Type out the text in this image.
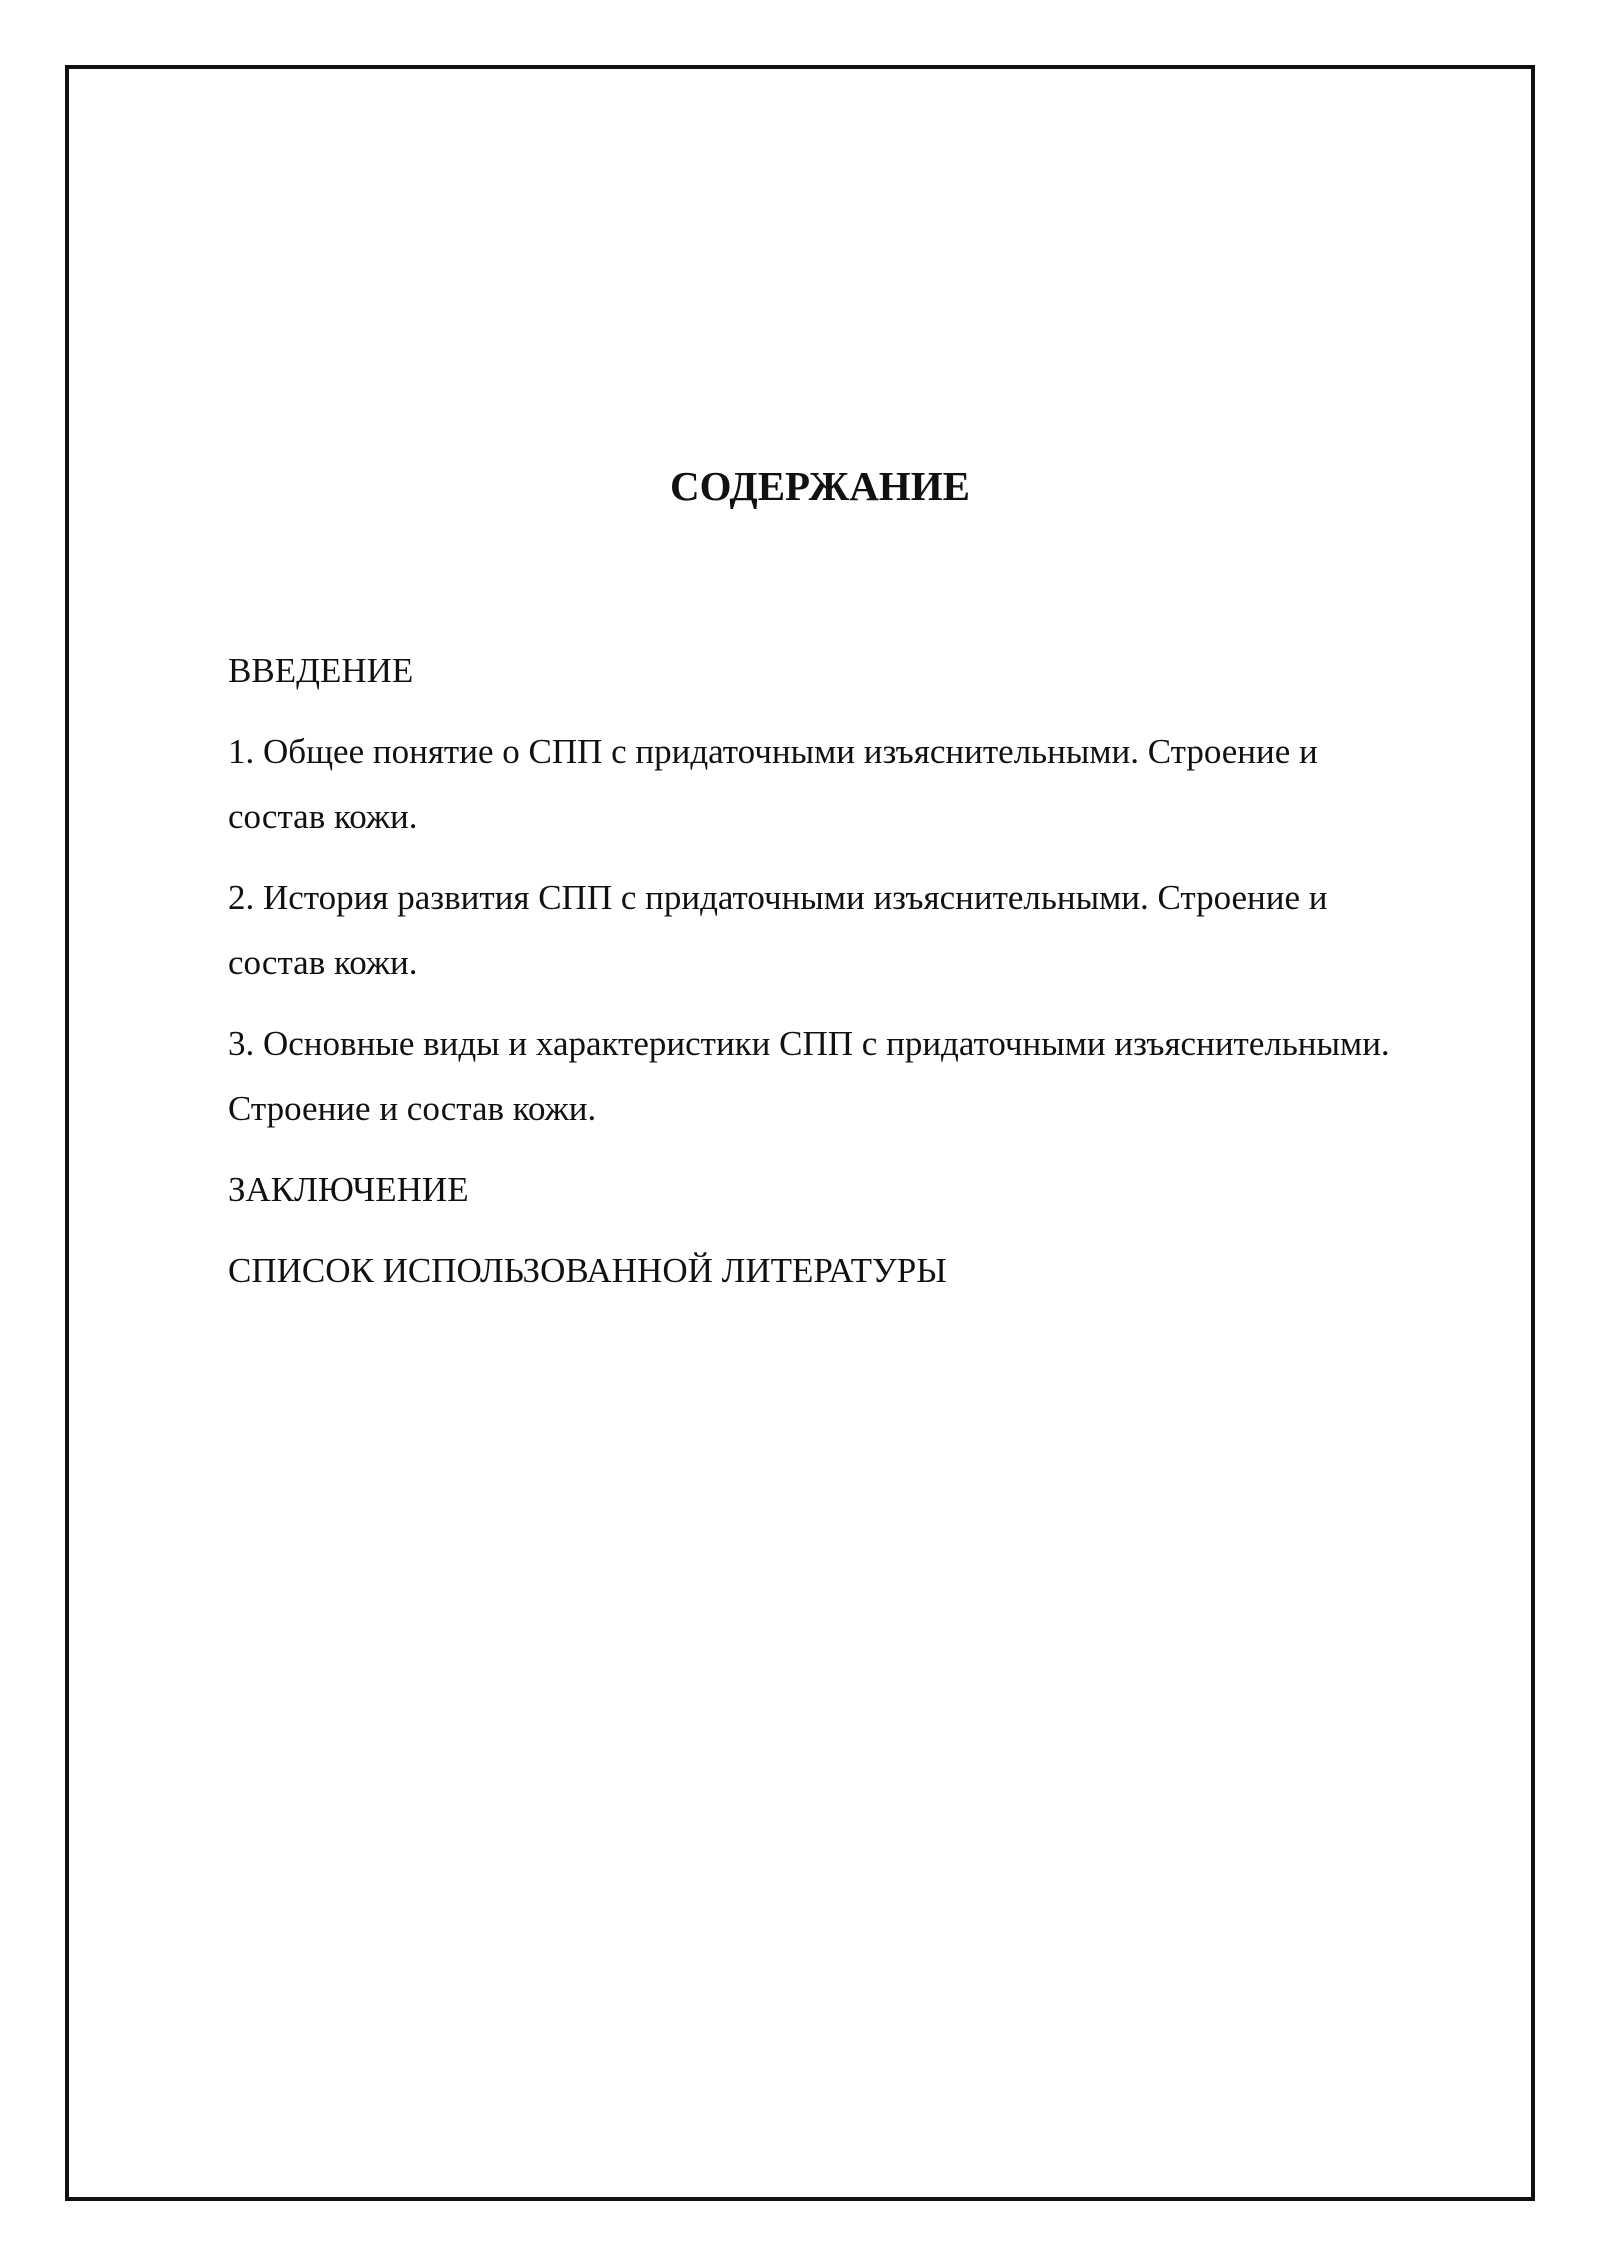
СОДЕРЖАНИЕ
ВВЕДЕНИЕ
1. Общее понятие о СПП с придаточными изъяснительными. Строение и
состав кожи.
2. История развития СПП с придаточными изъяснительными. Строение и
состав кожи.
3. Основные виды и характеристики СПП с придаточными изъяснительными.
Строение и состав кожи.
ЗАКЛЮЧЕНИЕ
СПИСОК ИСПОЛЬЗОВАННОЙ ЛИТЕРАТУРЫ
